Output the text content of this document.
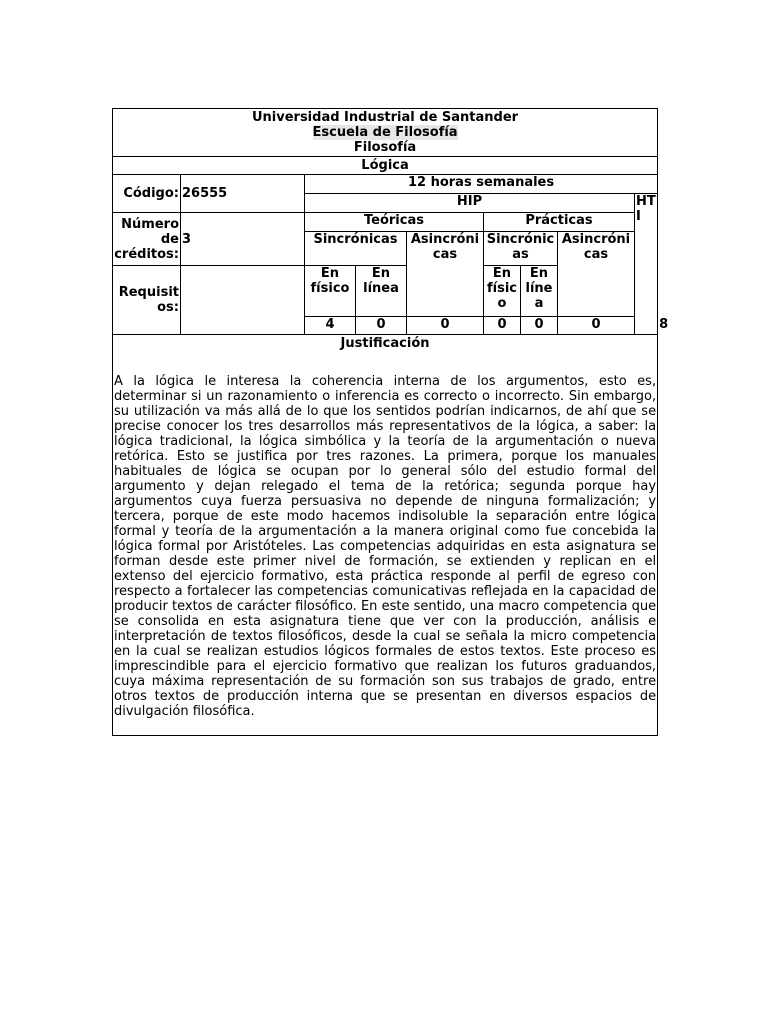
Universidad Industrial de Santander
Escuela de Filosofía
Filosofía									

Lógica									
Código:	26555	12 horas semanales							
		HIP						HTI	
Número de créditos:	3	Teóricas			Prácticas				
		Sincrónicas		Asincrónicas	Sincrónicas		Asincrónicas		
Requisitos:		En físico	En línea		En físico	En línea			
		4	0	0	0	0	0		8

Justificación
A la lógica le interesa la coherencia interna de los argumentos, esto es, determinar si un razonamiento o inferencia es correcto o incorrecto. Sin embargo, su utilización va más allá de lo que los sentidos podrían indicarnos, de ahí que se precise conocer los tres desarrollos más representativos de la lógica, a saber: la lógica tradicional, la lógica simbólica y la teoría de la argumentación o nueva retórica. Esto se justifica por tres razones. La primera, porque los manuales habituales de lógica se ocupan por lo general sólo del estudio formal del argumento y dejan relegado el tema de la retórica; segunda porque hay argumentos cuya fuerza persuasiva no depende de ninguna formalización; y tercera, porque de este modo hacemos indisoluble la separación entre lógica formal y teoría de la argumentación a la manera original como fue concebida la lógica formal por Aristóteles. Las competencias adquiridas en esta asignatura se forman desde este primer nivel de formación, se extienden y replican en el extenso del ejercicio formativo, esta práctica responde al perfil de egreso con respecto a fortalecer las competencias comunicativas reflejada en la capacidad de producir textos de carácter filosófico. En este sentido, una macro competencia que se consolida en esta asignatura tiene que ver con la producción, análisis e interpretación de textos filosóficos, desde la cual se señala la micro competencia en la cual se realizan estudios lógicos formales de estos textos. Este proceso es imprescindible para el ejercicio formativo que realizan los futuros graduandos, cuya máxima representación de su formación son sus trabajos de grado, entre otros textos de producción interna que se presentan en diversos espacios de divulgación filosófica.									
